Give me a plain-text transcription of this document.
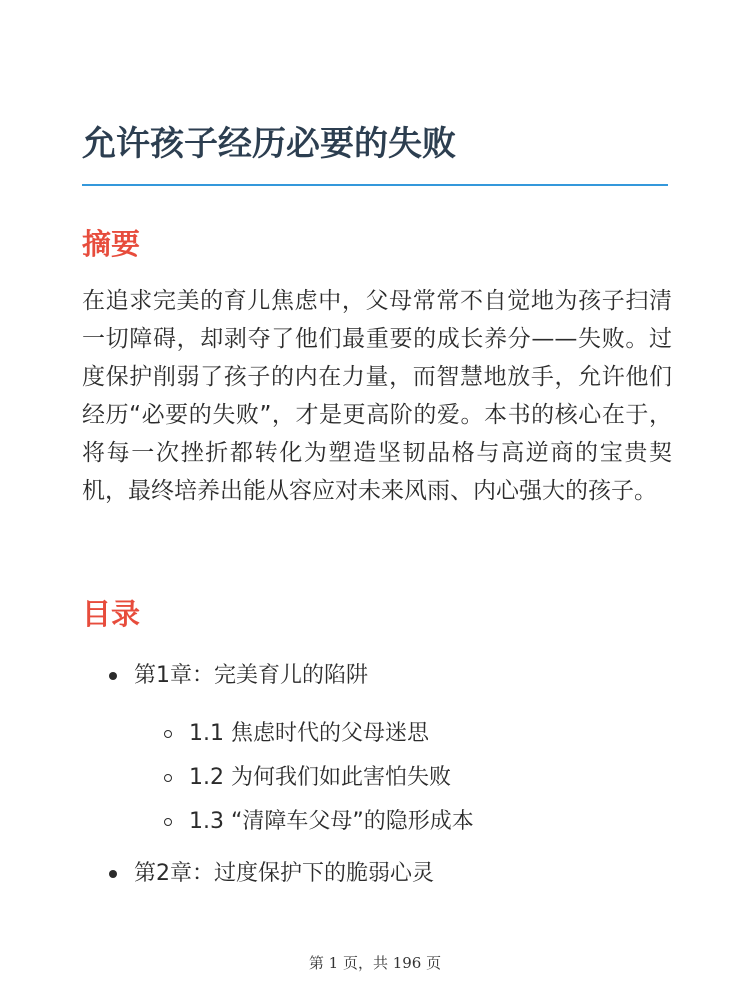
允许孩子经历必要的失败
摘要

在追求完美的育儿焦虑中，父母常常不自觉地为孩子扫清一切障碍，却剥夺了他们最重要的成长养分——失败。过度保护削弱了孩子的内在力量，而智慧地放手，允许他们经历“必要的失败”，才是更高阶的爱。本书的核心在于，将每一次挫折都转化为塑造坚韧品格与高逆商的宝贵契机，最终培养出能从容应对未来风雨、内心强大的孩子。

目录
第1章：完美育儿的陷阱
1.1 焦虑时代的父母迷思
1.2 为何我们如此害怕失败
1.3 “清障车父母”的隐形成本
第2章：过度保护下的脆弱心灵
第 1 页，共 196 页
